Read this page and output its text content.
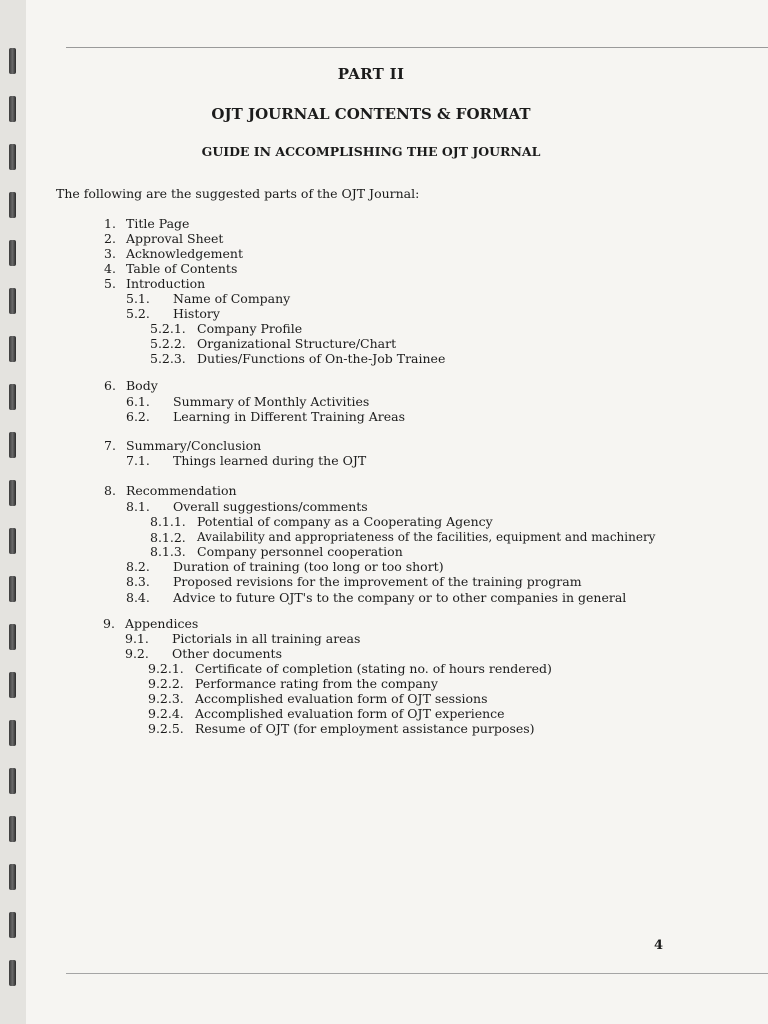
PART II
OJT JOURNAL CONTENTS & FORMAT
GUIDE IN ACCOMPLISHING THE OJT JOURNAL
The following are the suggested parts of the OJT Journal:
1. Title Page
2. Approval Sheet
3. Acknowledgement
4. Table of Contents
5. Introduction
5.1. Name of Company
5.2. History
5.2.1. Company Profile
5.2.2. Organizational Structure/Chart
5.2.3. Duties/Functions of On-the-Job Trainee
6. Body
6.1. Summary of Monthly Activities
6.2. Learning in Different Training Areas
7. Summary/Conclusion
7.1. Things learned during the OJT
8. Recommendation
8.1. Overall suggestions/comments
8.1.1. Potential of company as a Cooperating Agency
8.1.2. Availability and appropriateness of the facilities, equipment and machinery
8.1.3. Company personnel cooperation
8.2. Duration of training (too long or too short)
8.3. Proposed revisions for the improvement of the training program
8.4. Advice to future OJT's to the company or to other companies in general
9. Appendices
9.1. Pictorials in all training areas
9.2. Other documents
9.2.1. Certificate of completion (stating no. of hours rendered)
9.2.2. Performance rating from the company
9.2.3. Accomplished evaluation form of OJT sessions
9.2.4. Accomplished evaluation form of OJT experience
9.2.5. Resume of OJT (for employment assistance purposes)
4
